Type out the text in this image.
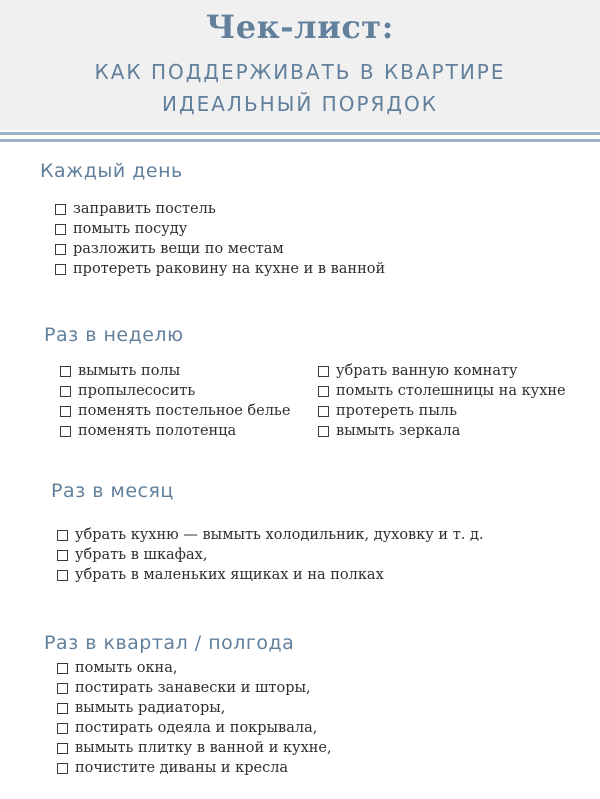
Чек-лист:
КАК ПОДДЕРЖИВАТЬ В КВАРТИРЕ
ИДЕАЛЬНЫЙ ПОРЯДОК
Каждый день
заправить постель
помыть посуду
разложить вещи по местам
протереть раковину на кухне и в ванной
Раз в неделю
вымыть полы
пропылесосить
поменять постельное белье
поменять полотенца
убрать ванную комнату
помыть столешницы на кухне
протереть пыль
вымыть зеркала
Раз в месяц
убрать кухню — вымыть холодильник, духовку и т. д.
убрать в шкафах,
убрать в маленьких ящиках и на полках
Раз в квартал / полгода
помыть окна,
постирать занавески и шторы,
вымыть радиаторы,
постирать одеяла и покрывала,
вымыть плитку в ванной и кухне,
почистите диваны и кресла
